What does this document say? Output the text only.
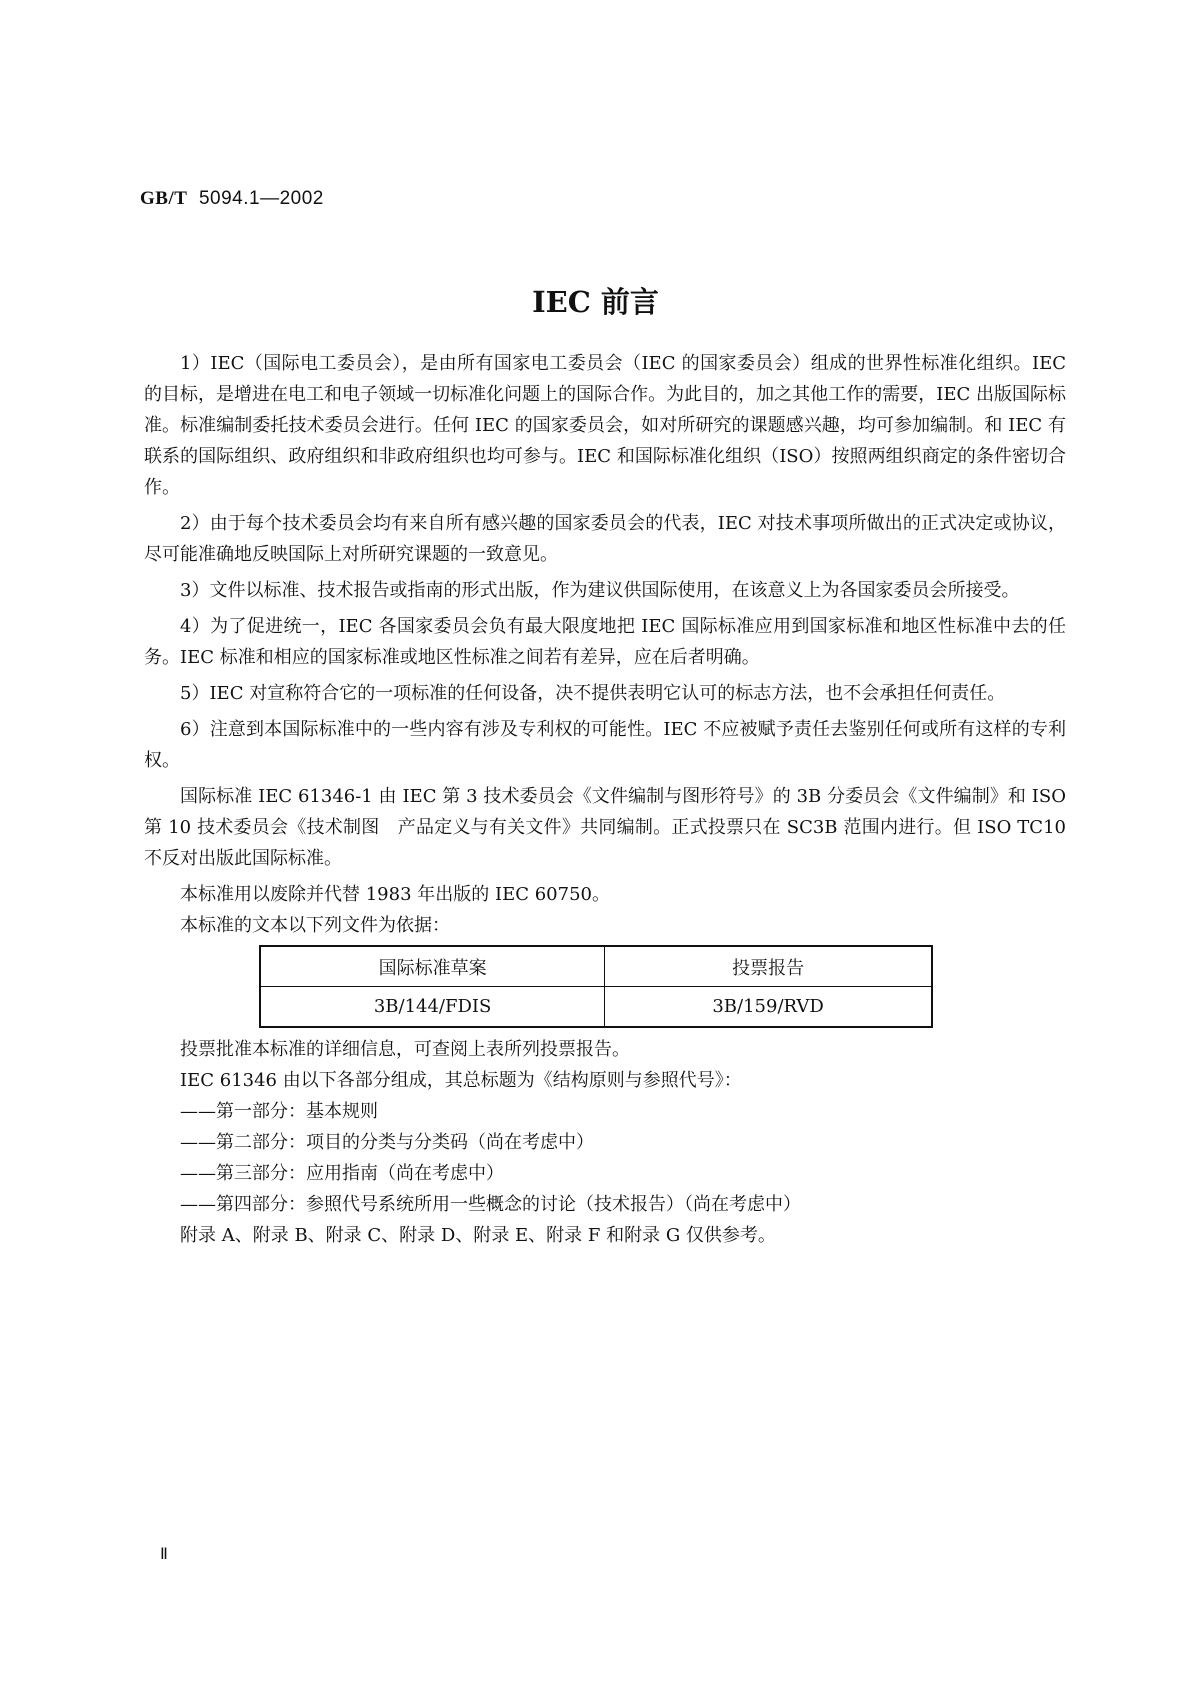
GB/T 5094.1—2002
IEC 前言

1）IEC（国际电工委员会），是由所有国家电工委员会（IEC 的国家委员会）组成的世界性标准化组织。IEC 的目标，是增进在电工和电子领域一切标准化问题上的国际合作。为此目的，加之其他工作的需要，IEC 出版国际标准。标准编制委托技术委员会进行。任何 IEC 的国家委员会，如对所研究的课题感兴趣，均可参加编制。和 IEC 有联系的国际组织、政府组织和非政府组织也均可参与。IEC 和国际标准化组织（ISO）按照两组织商定的条件密切合作。

2）由于每个技术委员会均有来自所有感兴趣的国家委员会的代表，IEC 对技术事项所做出的正式决定或协议，尽可能准确地反映国际上对所研究课题的一致意见。

3）文件以标准、技术报告或指南的形式出版，作为建议供国际使用，在该意义上为各国家委员会所接受。

4）为了促进统一，IEC 各国家委员会负有最大限度地把 IEC 国际标准应用到国家标准和地区性标准中去的任务。IEC 标准和相应的国家标准或地区性标准之间若有差异，应在后者明确。

5）IEC 对宣称符合它的一项标准的任何设备，决不提供表明它认可的标志方法，也不会承担任何责任。

6）注意到本国际标准中的一些内容有涉及专利权的可能性。IEC 不应被赋予责任去鉴别任何或所有这样的专利权。

国际标准 IEC 61346-1 由 IEC 第 3 技术委员会《文件编制与图形符号》的 3B 分委员会《文件编制》和 ISO 第 10 技术委员会《技术制图　产品定义与有关文件》共同编制。正式投票只在 SC3B 范围内进行。但 ISO TC10 不反对出版此国际标准。

本标准用以废除并代替 1983 年出版的 IEC 60750。

本标准的文本以下列文件为依据：

国际标准草案	投票报告
3B/144/FDIS	3B/159/RVD

投票批准本标准的详细信息，可查阅上表所列投票报告。

IEC 61346 由以下各部分组成，其总标题为《结构原则与参照代号》：

——第一部分：基本规则

——第二部分：项目的分类与分类码（尚在考虑中）

——第三部分：应用指南（尚在考虑中）

——第四部分：参照代号系统所用一些概念的讨论（技术报告）（尚在考虑中）

附录 A、附录 B、附录 C、附录 D、附录 E、附录 F 和附录 G 仅供参考。

Ⅱ
